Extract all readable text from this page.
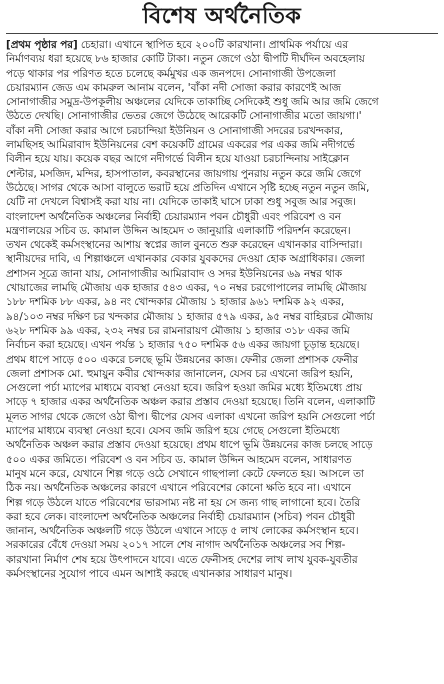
বিশেষ অর্থনৈতিক
[প্রথম পৃষ্ঠার পর] চেহারা। এখানে স্থাপিত হবে ২০০টি কারখানা। প্রাথমিক পর্যায়ে এর
নির্মাণব্যয় ধরা হয়েছে ৮৬ হাজার কোটি টাকা। নতুন জেগে ওঠা দ্বীপটি দীর্ঘদিন অবহেলায়
পড়ে থাকার পর পরিণত হতে চলেছে কর্মমুখর এক জনপদে। সোনাগাজী উপজেলা
চেয়ারম্যান জেড এম কামরুল আনাম বলেন, 'বাঁকা নদী সোজা করার কারণেই আজ
সোনাগাজীর সমুদ্র-উপকূলীয় অঞ্চলের যেদিকে তাকাচ্ছি সেদিকেই শুধু জমি আর জমি জেগে
উঠতে দেখছি। সোনাগাজীর ভেতর জেগে উঠেছে আরেকটি সোনাগাজীর মতো জায়গা।'
বাঁকা নদী সোজা করার আগে চরচান্দিয়া ইউনিয়ন ও সোনাগাজী সদরের চরখন্দকার,
লামছিসহ আমিরাবাদ ইউনিয়নের বেশ কয়েকটি গ্রামের একরের পর একর জমি নদীগর্ভে
বিলীন হয়ে যায়। কয়েক বছর আগে নদীগর্ভে বিলীন হয়ে যাওয়া চরচান্দিনায় সাইক্লোন
শেল্টার, মসজিদ, মন্দির, হাসপাতাল, কবরস্থানের জায়গায় পুনরায় নতুন করে জমি জেগে
উঠেছে। সাগর থেকে আসা বালুতে ভরাট হয়ে প্রতিদিন এখানে সৃষ্টি হচ্ছে নতুন নতুন জমি,
যেটি না দেখলে বিশ্বাসই করা যায় না। যেদিকে তাকাই ঘাসে ঢাকা শুধু সবুজ আর সবুজ।
বাংলাদেশ অর্থনৈতিক অঞ্চলের নির্বাহী চেয়ারম্যান পবন চৌধুরী এবং পরিবেশ ও বন
মন্ত্রণালয়ের সচিব ড. কামাল উদ্দিন আহমেদ ৩ জানুয়ারি এলাকাটি পরিদর্শন করেছেন।
তখন থেকেই কর্মসংস্থানের আশায় স্বপ্নের জাল বুনতে শুরু করেছেন এখানকার বাসিন্দারা।
স্থানীয়দের দাবি, এ শিল্পাঞ্চলে এখানকার বেকার যুবকদের দেওয়া হোক অগ্রাধিকার। জেলা
প্রশাসন সূত্রে জানা যায়, সোনাগাজীর আমিরাবাদ ও সদর ইউনিয়নের ৬৯ নম্বর থাক
খোয়াজের লামছি মৌজায় এক হাজার ৫৪৩ একর, ৭০ নম্বর চরগোপালের লামছি মৌজায়
১৮৮ দশমিক ৮৮ একর, ৯৪ নং খোন্দকার মৌজায় ১ হাজার ৯৬১ দশমিক ৯২ একর,
৯৪/১০৩ নম্বর দক্ষিণ চর খন্দকার মৌজায় ১ হাজার ৫৭৯ একর, ৯৫ নম্বর বাহিরচর মৌজায়
৬২৮ দশমিক ৯৯ একর, ২৩২ নম্বর চর রামনারায়ণ মৌজায় ১ হাজার ৩১৮ একর জমি
নির্বাচন করা হয়েছে। এখন পর্যন্ত ১ হাজার ৭৫০ দশমিক ৫৬ একর জায়গা চূড়ান্ত হয়েছে।
প্রথম ধাপে সাড়ে ৫০০ একরে চলছে ভূমি উন্নয়নের কাজ। ফেনীর জেলা প্রশাসক ফেনীর
জেলা প্রশাসক মো. হুমায়ুন কবীর খোন্দকার জানালেন, যেসব চর এখনো জরিপ হয়নি,
সেগুলো পর্চা ম্যাপের মাধ্যমে ব্যবস্থা নেওয়া হবে। জরিপ হওয়া জমির মধ্যে ইতিমধ্যে প্রায়
সাড়ে ৭ হাজার একর অর্থনৈতিক অঞ্চল করার প্রস্তাব দেওয়া হয়েছে। তিনি বলেন, এলাকাটি
মূলত সাগর থেকে জেগে ওঠা দ্বীপ। দ্বীপের যেসব এলাকা এখনো জরিপ হয়নি সেগুলো পর্চা
ম্যাপের মাধ্যমে ব্যবস্থা নেওয়া হবে। যেসব জমি জরিপ হয়ে গেছে সেগুলো ইতিমধ্যে
অর্থনৈতিক অঞ্চল করার প্রস্তাব দেওয়া হয়েছে। প্রথম ধাপে ভূমি উন্নয়নের কাজ চলছে সাড়ে
৫০০ একর জমিতে। পরিবেশ ও বন সচিব ড. কামাল উদ্দিন আহমেদ বলেন, সাধারণত
মানুষ মনে করে, যেখানে শিল্প গড়ে ওঠে সেখানে গাছপালা কেটে ফেলতে হয়। আসলে তা
ঠিক নয়। অর্থনৈতিক অঞ্চলের কারণে এখানে পরিবেশের কোনো ক্ষতি হবে না। এখানে
শিল্প গড়ে উঠলে যাতে পরিবেশের ভারসাম্য নষ্ট না হয় সে জন্য গাছ লাগানো হবে। তৈরি
করা হবে লেক। বাংলাদেশ অর্থনৈতিক অঞ্চলের নির্বাহী চেয়ারম্যান (সচিব) পবন চৌধুরী
জানান, অর্থনৈতিক অঞ্চলটি গড়ে উঠলে এখানে সাড়ে ৫ লাখ লোকের কর্মসংস্থান হবে।
সরকারের বেঁধে দেওয়া সময় ২০১৭ সালে শেষ নাগাদ অর্থনৈতিক অঞ্চলের সব শিল্প-
কারখানা নির্মাণ শেষ হয়ে উৎপাদনে যাবে। এতে ফেনীসহ দেশের লাখ লাখ যুবক-যুবতীর
কর্মসংস্থানের সুযোগ পাবে এমন আশাই করছে এখানকার সাধারণ মানুষ।
